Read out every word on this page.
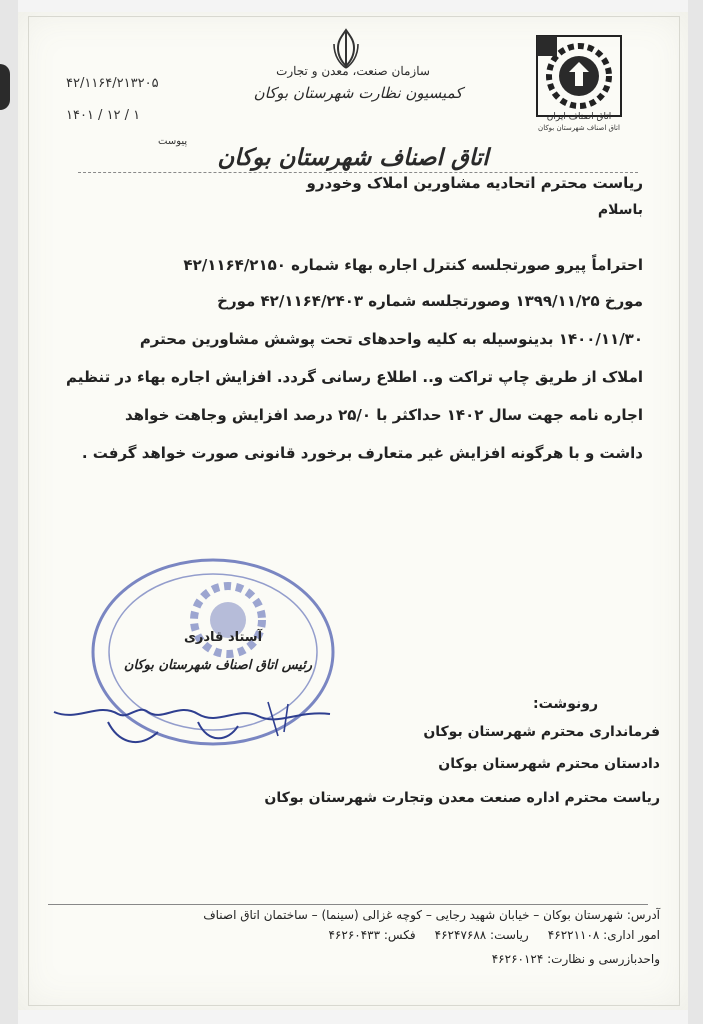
سازمان صنعت، معدن و تجارت
کمیسیون نظارت شهرستان بوکان
اتاق اصناف شهرستان بوکان
اتاق اصناف ایران
اتاق اصناف شهرستان بوکان
۴۲/۱۱۶۴/۲۱۳۲۰۵
۱۴۰۱ / ۱۲ / ۱
پیوست
ریاست محترم اتحادیه مشاورین املاک وخودرو
باسلام
احتراماً پیرو صورتجلسه کنترل اجاره بهاء شماره ۴۲/۱۱۶۴/۲۱۵۰
مورخ ۱۳۹۹/۱۱/۲۵ وصورتجلسه شماره ۴۲/۱۱۶۴/۲۴۰۳ مورخ
۱۴۰۰/۱۱/۳۰ بدینوسیله به کلیه واحدهای تحت پوشش مشاورین محترم
املاک از طریق چاپ تراکت و.. اطلاع رسانی گردد. افزایش اجاره بهاء در تنظیم
اجاره نامه جهت سال ۱۴۰۲ حداکثر با ۲۵/۰ درصد افزایش وجاهت خواهد
داشت و با هرگونه افزایش غیر متعارف برخورد قانونی صورت خواهد گرفت .
آستاد قادری
رئیس اتاق اصناف شهرستان بوکان
رونوشت:
فرمانداری محترم شهرستان بوکان
دادستان محترم شهرستان بوکان
ریاست محترم اداره صنعت معدن وتجارت شهرستان بوکان
آدرس: شهرستان بوکان – خیابان شهید رجایی – کوچه غزالی (سینما) – ساختمان اتاق اصناف
امور اداری: ۴۶۲۲۱۱۰۸     ریاست: ۴۶۲۴۷۶۸۸     فکس: ۴۶۲۶۰۴۳۳
واحدبازرسی و نظارت: ۴۶۲۶۰۱۲۴
